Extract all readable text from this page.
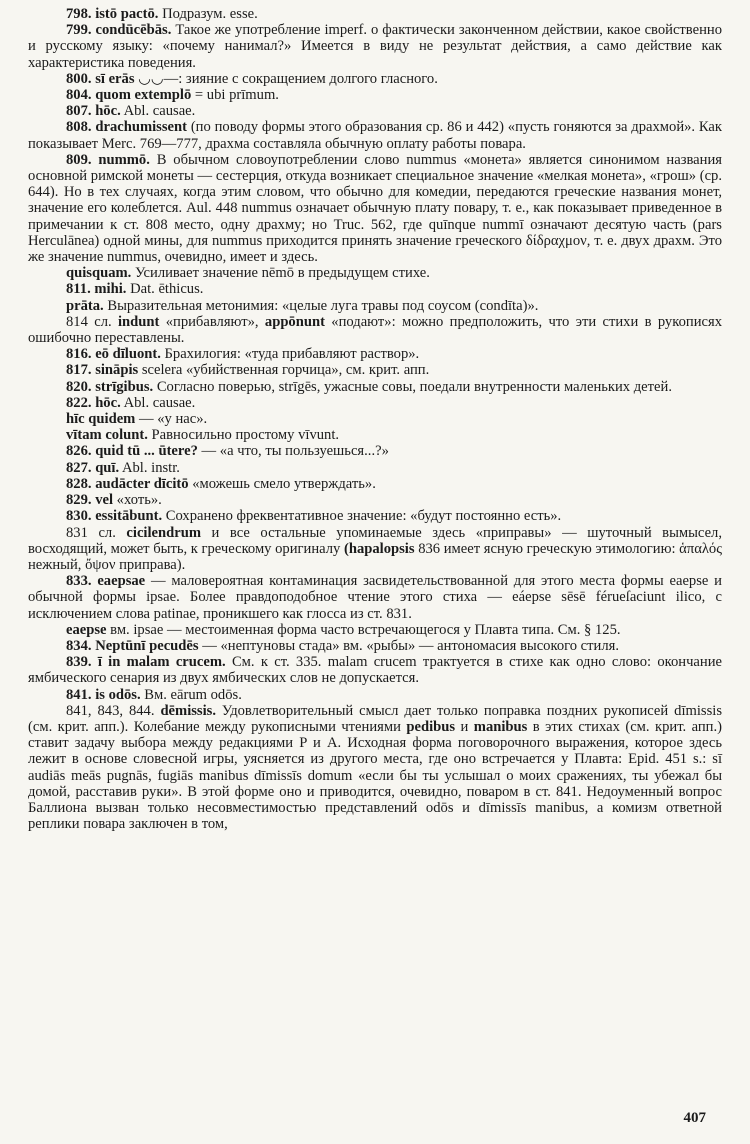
798. istō pactō. Подразум. esse.

799. condūcēbās. Такое же употребление imperf. о фактически законченном действии, какое свойственно и русскому языку: «почему нанимал?» Имеется в виду не результат действия, а само действие как характеристика поведения.

800. sī erās ◡◡—: зияние с сокращением долгого гласного.

804. quom extemplō = ubi prīmum.

807. hōc. Abl. causae.

808. drachumissent (по поводу формы этого образования ср. 86 и 442) «пусть гоняются за драхмой». Как показывает Merc. 769—777, драхма составляла обычную оплату работы повара.

809. nummō. В обычном словоупотреблении слово nummus «монета» является синонимом названия основной римской монеты — сестерция, откуда возникает специальное значение «мелкая монета», «грош» (ср. 644). Но в тех случаях, когда этим словом, что обычно для комедии, передаются греческие названия монет, значение его колеблется. Aul. 448 nummus означает обычную плату повару, т. е., как показывает приведенное в примечании к ст. 808 место, одну драхму; но Truc. 562, где quīnque nummī означают десятую часть (pars Herculānea) одной мины, для nummus приходится принять значение греческого δίδραχμον, т. е. двух драхм. Это же значение nummus, очевидно, имеет и здесь.

quisquam. Усиливает значение nēmō в предыдущем стихе.

811. mihi. Dat. ēthicus.

prāta. Выразительная метонимия: «целые луга травы под соусом (condīta)».

814 сл. indunt «прибавляют», appōnunt «подают»: можно предположить, что эти стихи в рукописях ошибочно переставлены.

816. eō dīluont. Брахилогия: «туда прибавляют раствор».

817. sināpis scelera «убийственная горчица», см. крит. апп.

820. strīgibus. Согласно поверью, strīgēs, ужасные совы, поедали внутренности маленьких детей.

822. hōc. Abl. causae.

hīc quidem — «у нас».

vītam colunt. Равносильно простому vīvunt.

826. quid tū ... ūtere? — «а что, ты пользуешься...?»

827. quī. Abl. instr.

828. audācter dīcitō «можешь смело утверждать».

829. vel «хоть».

830. essitābunt. Сохранено фреквентативное значение: «будут постоянно есть».

831 сл. cicilendrum и все остальные упоминаемые здесь «приправы» — шуточный вымысел, восходящий, может быть, к греческому оригиналу (hapalopsis 836 имеет ясную греческую этимологию: ἁπαλός нежный, ὄψον приправа).

833. eaepsae — маловероятная контаминация засвидетельствованной для этого места формы eaepse и обычной формы ipsae. Более правдоподобное чтение этого стиха — eáepse sēsē férueſaciunt ilico, с исключением слова patinae, проникшего как глосса из ст. 831.

eaepse вм. ipsae — местоименная форма часто встречающегося у Плавта типа. См. § 125.

834. Neptūnī pecudēs — «нептуновы стада» вм. «рыбы» — антономасия высокого стиля.

839. ī in malam crucem. См. к ст. 335. malam crucem трактуется в стихе как одно слово: окончание ямбического сенария из двух ямбических слов не допускается.

841. is odōs. Вм. eārum odōs.

841, 843, 844. dēmissis. Удовлетворительный смысл дает только поправка поздних рукописей dīmissis (см. крит. апп.). Колебание между рукописными чтениями pedibus и manibus в этих стихах (см. крит. апп.) ставит задачу выбора между редакциями P и A. Исходная форма поговорочного выражения, которое здесь лежит в основе словесной игры, уясняется из другого места, где оно встречается у Плавта: Epid. 451 s.: sī audiās meās pugnās, fugiās manibus dīmissīs domum «если бы ты услышал о моих сражениях, ты убежал бы домой, расставив руки». В этой форме оно и приводится, очевидно, поваром в ст. 841. Недоуменный вопрос Баллиона вызван только несовместимостью представлений odōs и dīmissīs manibus, а комизм ответной реплики повара заключен в том,

407
